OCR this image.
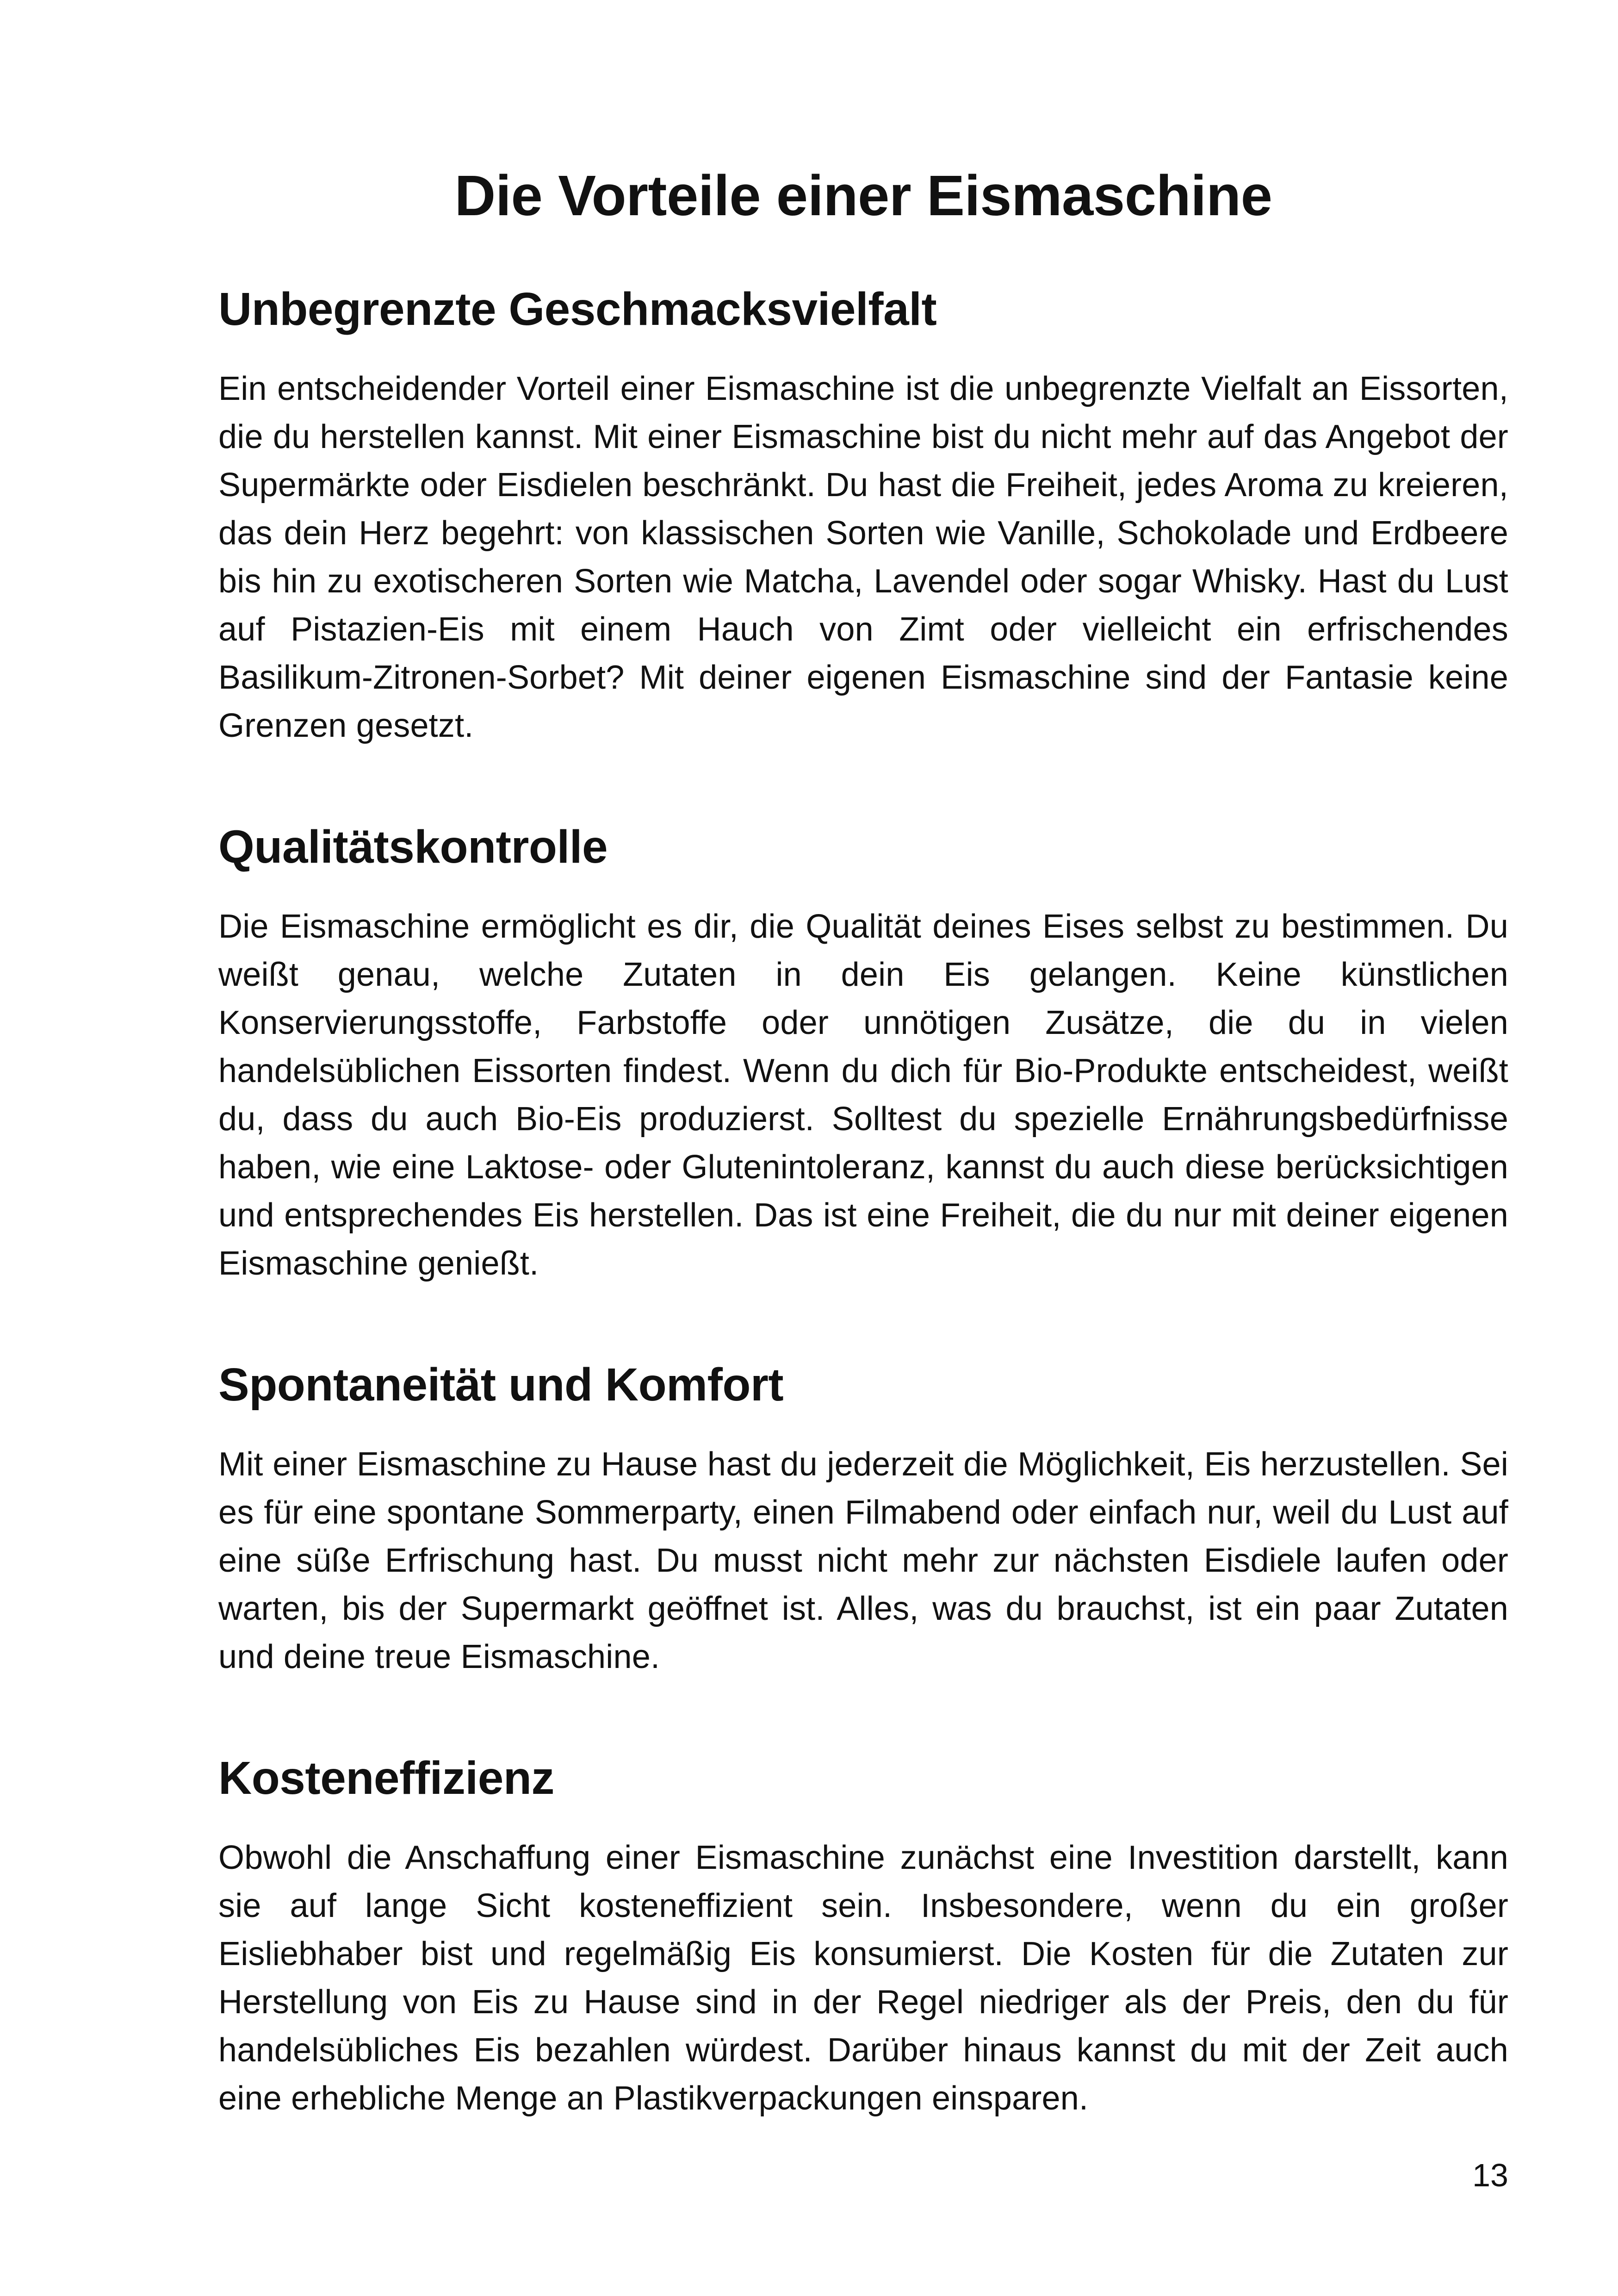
Die Vorteile einer Eismaschine
Unbegrenzte Geschmacksvielfalt

Ein entscheidender Vorteil einer Eismaschine ist die unbegrenzte Vielfalt an Eissorten, die du herstellen kannst. Mit einer Eismaschine bist du nicht mehr auf das Angebot der Supermärkte oder Eisdielen beschränkt. Du hast die Freiheit, jedes Aroma zu kreieren, das dein Herz begehrt: von klassischen Sorten wie Vanille, Schokolade und Erdbeere bis hin zu exotischeren Sorten wie Matcha, Lavendel oder sogar Whisky. Hast du Lust auf Pistazien-Eis mit einem Hauch von Zimt oder vielleicht ein erfrischendes Basilikum-Zitronen-Sorbet? Mit deiner eigenen Eismaschine sind der Fantasie keine Grenzen gesetzt.

Qualitätskontrolle

Die Eismaschine ermöglicht es dir, die Qualität deines Eises selbst zu bestimmen. Du weißt genau, welche Zutaten in dein Eis gelangen. Keine künstlichen Konservierungsstoffe, Farbstoffe oder unnötigen Zusätze, die du in vielen handelsüblichen Eissorten findest. Wenn du dich für Bio-Produkte entscheidest, weißt du, dass du auch Bio-Eis produzierst. Solltest du spezielle Ernährungsbedürfnisse haben, wie eine Laktose- oder Glutenintoleranz, kannst du auch diese berücksichtigen und entsprechendes Eis herstellen. Das ist eine Freiheit, die du nur mit deiner eigenen Eismaschine genießt.

Spontaneität und Komfort

Mit einer Eismaschine zu Hause hast du jederzeit die Möglichkeit, Eis herzustellen. Sei es für eine spontane Sommerparty, einen Filmabend oder einfach nur, weil du Lust auf eine süße Erfrischung hast. Du musst nicht mehr zur nächsten Eisdiele laufen oder warten, bis der Supermarkt geöffnet ist. Alles, was du brauchst, ist ein paar Zutaten und deine treue Eismaschine.

Kosteneffizienz

Obwohl die Anschaffung einer Eismaschine zunächst eine Investition darstellt, kann sie auf lange Sicht kosteneffizient sein. Insbesondere, wenn du ein großer Eisliebhaber bist und regelmäßig Eis konsumierst. Die Kosten für die Zutaten zur Herstellung von Eis zu Hause sind in der Regel niedriger als der Preis, den du für handelsübliches Eis bezahlen würdest. Darüber hinaus kannst du mit der Zeit auch eine erhebliche Menge an Plastikverpackungen einsparen.

13
